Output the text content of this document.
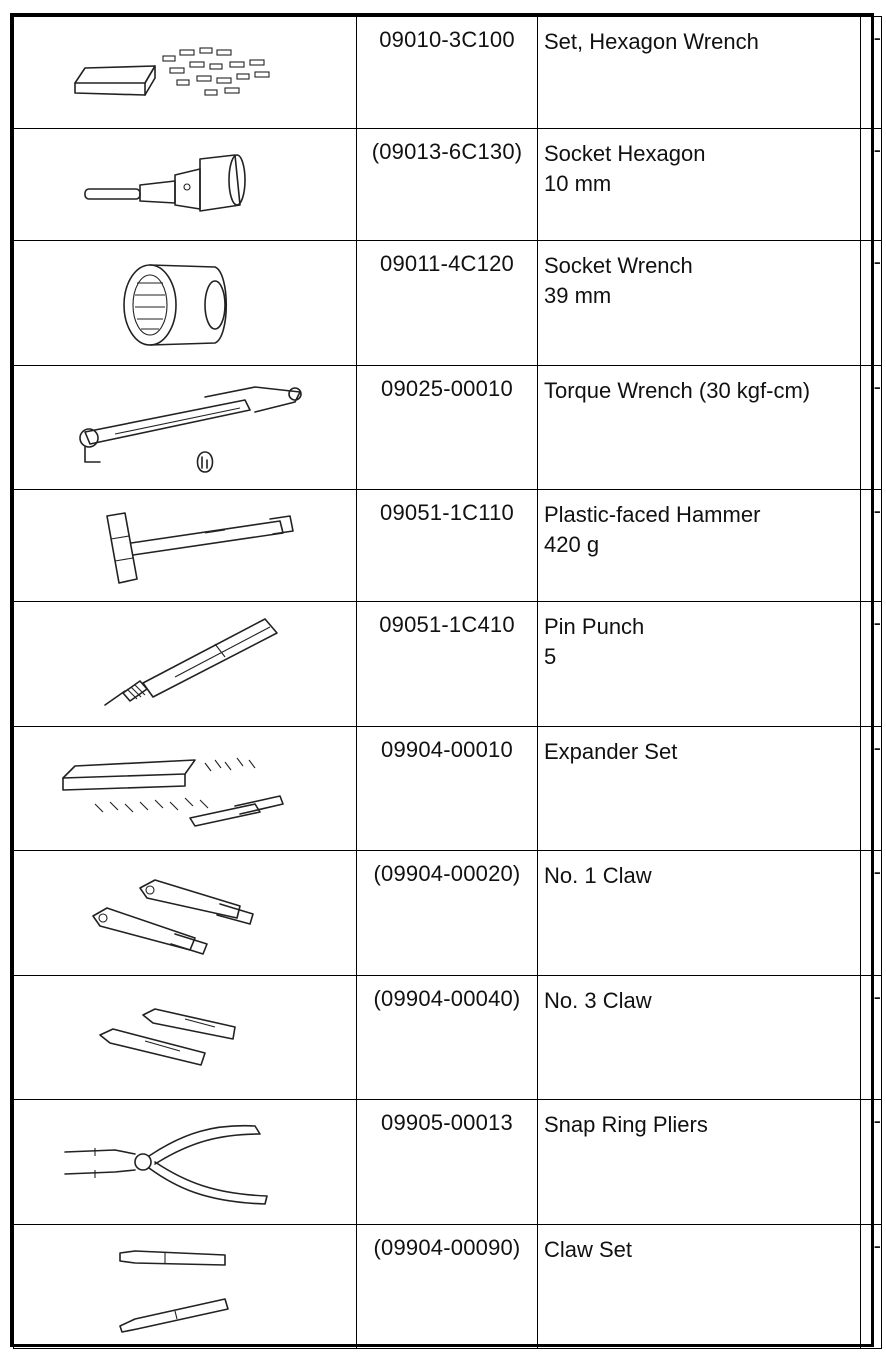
	09010-3C100	Set, Hexagon Wrench	-

	(09013-6C130)	Socket Hexagon
10 mm	-

	09011-4C120	Socket Wrench
39 mm	-

	09025-00010	Torque Wrench (30 kgf-cm)	-

	09051-1C110	Plastic-faced Hammer
420 g	-

	09051-1C410	Pin Punch
5	-

	09904-00010	Expander Set	-

	(09904-00020)	No. 1 Claw	-

	(09904-00040)	No. 3 Claw	-

	09905-00013	Snap Ring Pliers	-

	(09904-00090)	Claw Set	-
